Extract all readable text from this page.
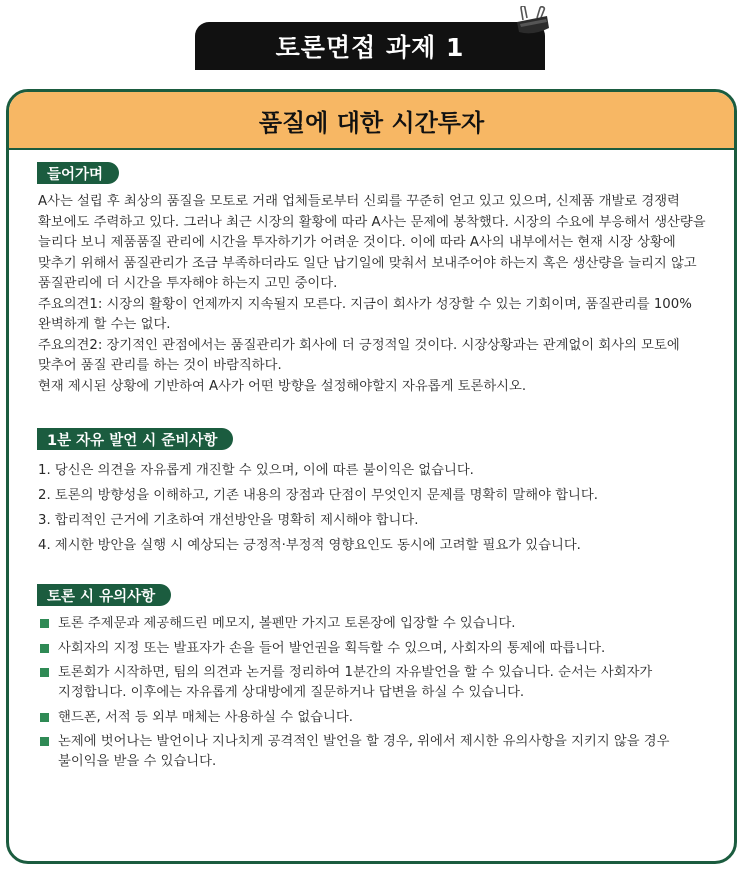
토론면접 과제 1
품질에 대한 시간투자
들어가며

A사는 설립 후 최상의 품질을 모토로 거래 업체들로부터 신뢰를 꾸준히 얻고 있고 있으며, 신제품 개발로 경쟁력 확보에도 주력하고 있다. 그러나 최근 시장의 활황에 따라 A사는 문제에 봉착했다. 시장의 수요에 부응해서 생산량을 늘리다 보니 제품품질 관리에 시간을 투자하기가 어려운 것이다. 이에 따라 A사의 내부에서는 현재 시장 상황에 맞추기 위해서 품질관리가 조금 부족하더라도 일단 납기일에 맞춰서 보내주어야 하는지 혹은 생산량을 늘리지 않고 품질관리에 더 시간을 투자해야 하는지 고민 중이다.

주요의견1: 시장의 활황이 언제까지 지속될지 모른다. 지금이 회사가 성장할 수 있는 기회이며, 품질관리를 100% 완벽하게 할 수는 없다.

주요의견2: 장기적인 관점에서는 품질관리가 회사에 더 긍정적일 것이다. 시장상황과는 관계없이 회사의 모토에 맞추어 품질 관리를 하는 것이 바람직하다.

현재 제시된 상황에 기반하여 A사가 어떤 방향을 설정해야할지 자유롭게 토론하시오.

1분 자유 발언 시 준비사항

1. 당신은 의견을 자유롭게 개진할 수 있으며, 이에 따른 불이익은 없습니다.

2. 토론의 방향성을 이해하고, 기존 내용의 장점과 단점이 무엇인지 문제를 명확히 말해야 합니다.

3. 합리적인 근거에 기초하여 개선방안을 명확히 제시해야 합니다.

4. 제시한 방안을 실행 시 예상되는 긍정적·부정적 영향요인도 동시에 고려할 필요가 있습니다.

토론 시 유의사항
토론 주제문과 제공해드린 메모지, 볼펜만 가지고 토론장에 입장할 수 있습니다.
사회자의 지정 또는 발표자가 손을 들어 발언권을 획득할 수 있으며, 사회자의 통제에 따릅니다.
토론회가 시작하면, 팀의 의견과 논거를 정리하여 1분간의 자유발언을 할 수 있습니다. 순서는 사회자가 지정합니다. 이후에는 자유롭게 상대방에게 질문하거나 답변을 하실 수 있습니다.
핸드폰, 서적 등 외부 매체는 사용하실 수 없습니다.
논제에 벗어나는 발언이나 지나치게 공격적인 발언을 할 경우, 위에서 제시한 유의사항을 지키지 않을 경우 불이익을 받을 수 있습니다.
